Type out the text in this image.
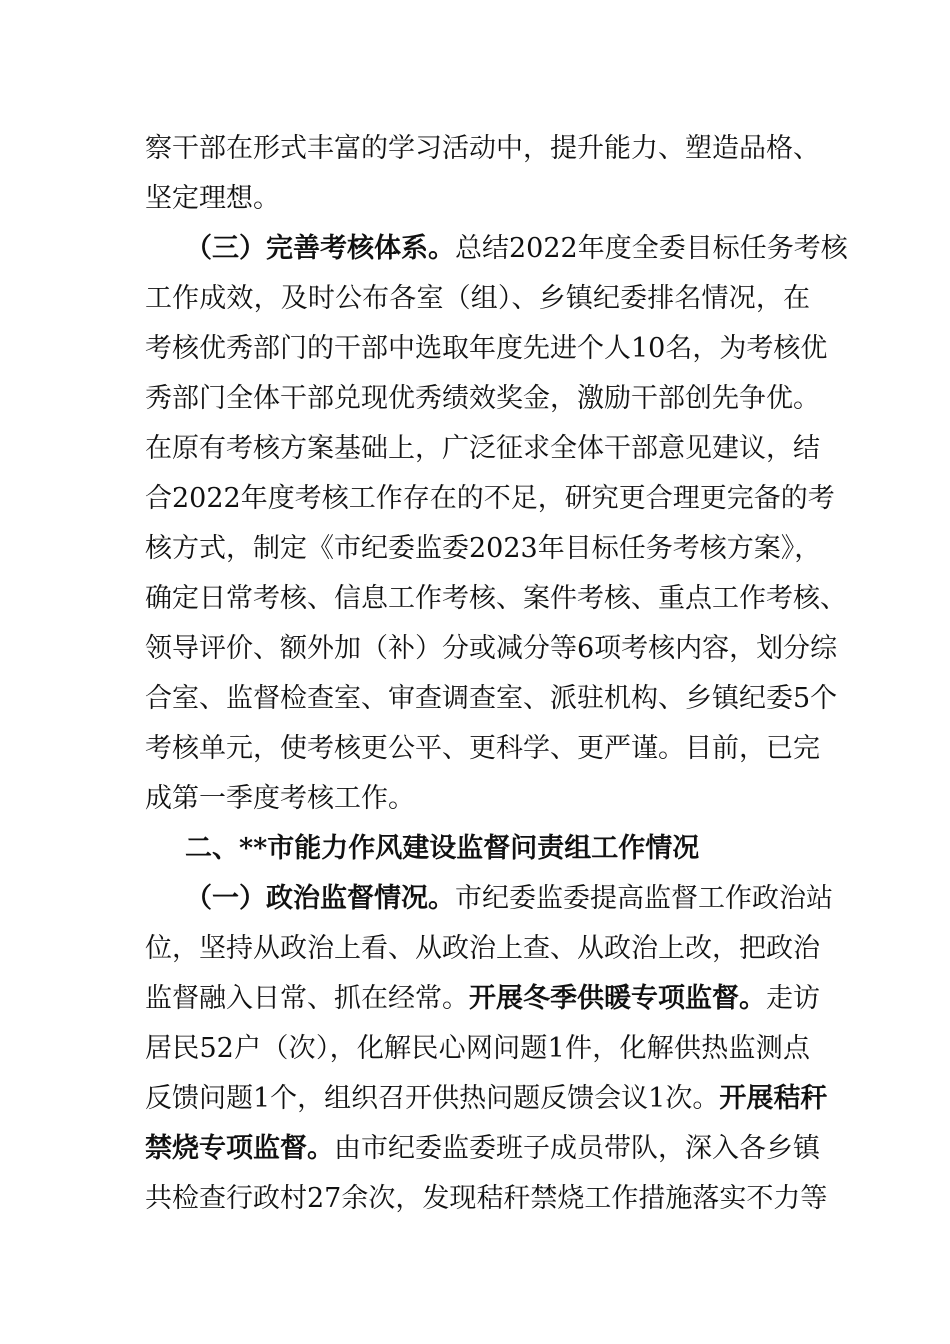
察干部在形式丰富的学习活动中，提升能力、塑造品格、
坚定理想。
（三）完善考核体系。总结2022年度全委目标任务考核
工作成效，及时公布各室（组）、乡镇纪委排名情况，在
考核优秀部门的干部中选取年度先进个人10名，为考核优
秀部门全体干部兑现优秀绩效奖金，激励干部创先争优。
在原有考核方案基础上，广泛征求全体干部意见建议，结
合2022年度考核工作存在的不足，研究更合理更完备的考
核方式，制定《市纪委监委2023年目标任务考核方案》，
确定日常考核、信息工作考核、案件考核、重点工作考核、
领导评价、额外加（补）分或减分等6项考核内容，划分综
合室、监督检查室、审查调查室、派驻机构、乡镇纪委5个
考核单元，使考核更公平、更科学、更严谨。目前，已完
成第一季度考核工作。
二、**市能力作风建设监督问责组工作情况
（一）政治监督情况。市纪委监委提高监督工作政治站
位，坚持从政治上看、从政治上查、从政治上改，把政治
监督融入日常、抓在经常。开展冬季供暖专项监督。走访
居民52户（次），化解民心网问题1件，化解供热监测点
反馈问题1个，组织召开供热问题反馈会议1次。开展秸秆
禁烧专项监督。由市纪委监委班子成员带队，深入各乡镇
共检查行政村27余次，发现秸秆禁烧工作措施落实不力等
